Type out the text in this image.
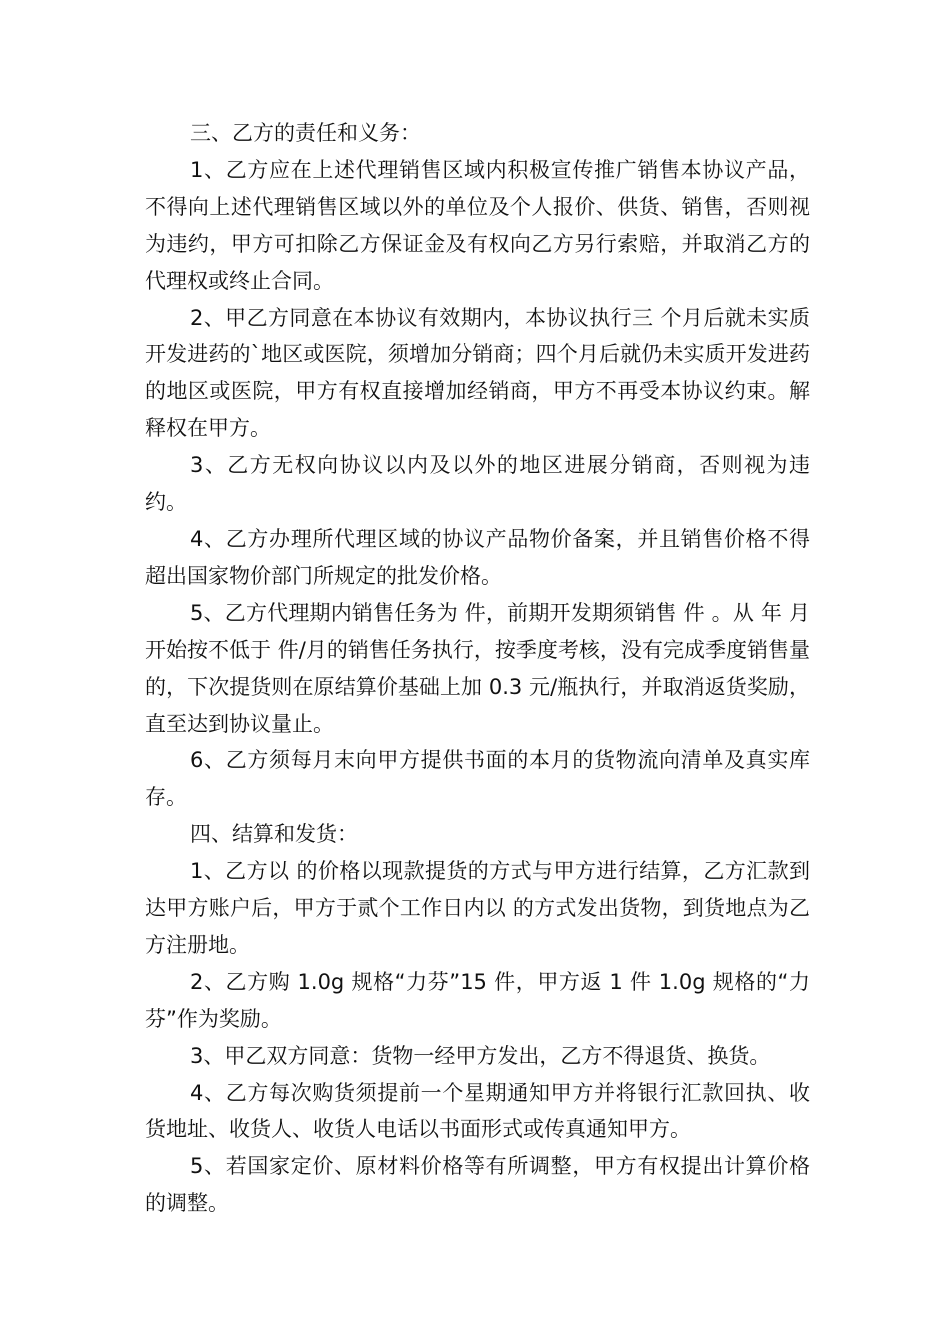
三、乙方的责任和义务：

1、乙方应在上述代理销售区域内积极宣传推广销售本协议产品，不得向上述代理销售区域以外的单位及个人报价、供货、销售，否则视为违约，甲方可扣除乙方保证金及有权向乙方另行索赔，并取消乙方的代理权或终止合同。

2、甲乙方同意在本协议有效期内，本协议执行三 个月后就未实质开发进药的`地区或医院，须增加分销商；四个月后就仍未实质开发进药的地区或医院，甲方有权直接增加经销商，甲方不再受本协议约束。解释权在甲方。

3、乙方无权向协议以内及以外的地区进展分销商，否则视为违约。

4、乙方办理所代理区域的协议产品物价备案，并且销售价格不得超出国家物价部门所规定的批发价格。

5、乙方代理期内销售任务为 件，前期开发期须销售 件 。从 年 月开始按不低于 件/月的销售任务执行，按季度考核，没有完成季度销售量的，下次提货则在原结算价基础上加 0.3 元/瓶执行，并取消返货奖励，直至达到协议量止。

6、乙方须每月末向甲方提供书面的本月的货物流向清单及真实库存。

四、结算和发货：

1、乙方以 的价格以现款提货的方式与甲方进行结算，乙方汇款到达甲方账户后，甲方于贰个工作日内以 的方式发出货物，到货地点为乙方注册地。

2、乙方购 1.0g 规格“力芬”15 件，甲方返 1 件 1.0g 规格的“力芬”作为奖励。

3、甲乙双方同意：货物一经甲方发出，乙方不得退货、换货。

4、乙方每次购货须提前一个星期通知甲方并将银行汇款回执、收货地址、收货人、收货人电话以书面形式或传真通知甲方。

5、若国家定价、原材料价格等有所调整，甲方有权提出计算价格的调整。
